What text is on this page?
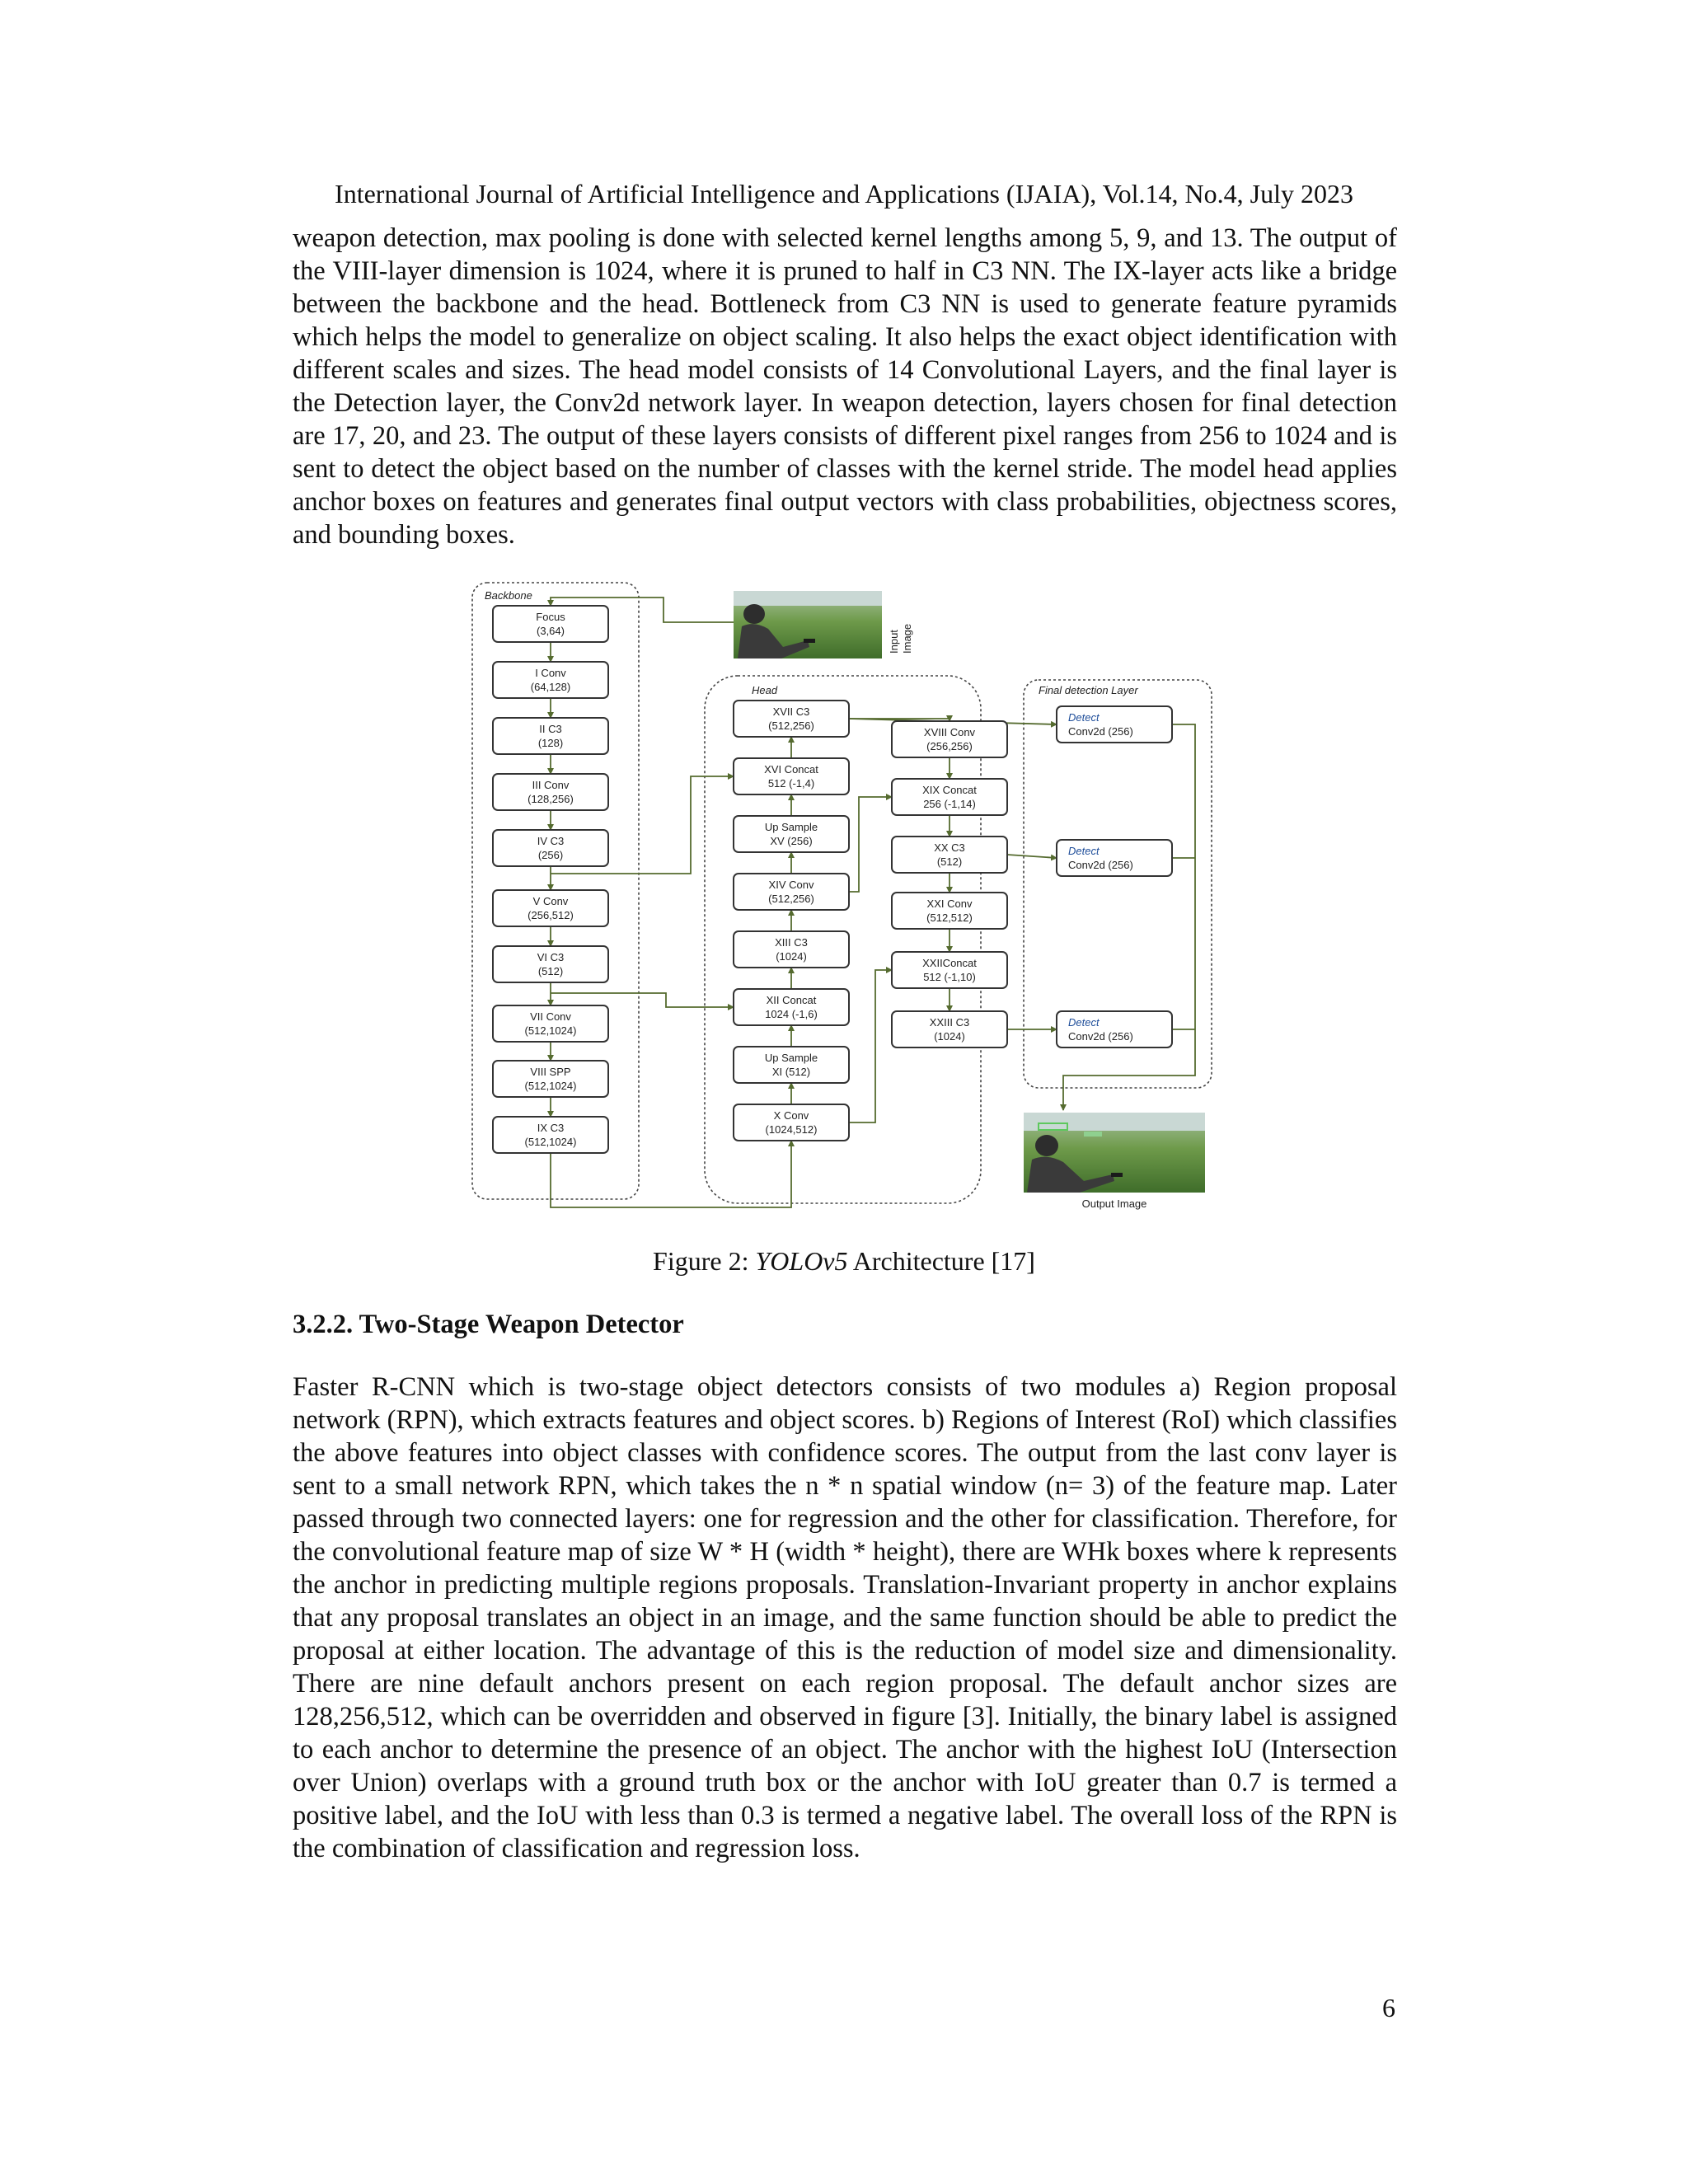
International Journal of Artificial Intelligence and Applications (IJAIA), Vol.14, No.4, July 2023

weapon detection, max pooling is done with selected kernel lengths among 5, 9, and 13. The output of the VIII-layer dimension is 1024, where it is pruned to half in C3 NN. The IX-layer acts like a bridge between the backbone and the head. Bottleneck from C3 NN is used to generate feature pyramids which helps the model to generalize on object scaling. It also helps the exact object identification with different scales and sizes. The head model consists of 14 Convolutional Layers, and the final layer is the Detection layer, the Conv2d network layer. In weapon detection, layers chosen for final detection are 17, 20, and 23. The output of these layers consists of different pixel ranges from 256 to 1024 and is sent to detect the object based on the number of classes with the kernel stride. The model head applies anchor boxes on features and generates final output vectors with class probabilities, objectness scores, and bounding boxes.

Backbone
Head	Final detection Layer
Input Image
Output Image
Focus
(3,64)
I Conv
(64,128)
II C3
(128)
III Conv
(128,256)
IV C3
(256)
V Conv
(256,512)
VI C3
(512)
VII Conv
(512,1024)
VIII SPP
(512,1024)
IX C3
(512,1024)
XVII C3
(512,256)
XVI Concat
512 (-1,4)
Up Sample
XV (256)
XIV Conv
(512,256)
XIII C3
(1024)
XII Concat
1024 (-1,6)
Up Sample
XI (512)
X Conv
(1024,512)
XVIII Conv
(256,256)
XIX Concat
256 (-1,14)
XX C3
(512)
XXI Conv
(512,512)
XXIIConcat
512 (-1,10)
XXIII C3
(1024)
Detect
Conv2d (256)
Detect
Conv2d (256)
Detect
Conv2d (256)
Figure 2: YOLOv5 Architecture [17]
3.2.2. Two-Stage Weapon Detector

Faster R-CNN which is two-stage object detectors consists of two modules a) Region proposal network (RPN), which extracts features and object scores. b) Regions of Interest (RoI) which classifies the above features into object classes with confidence scores. The output from the last conv layer is sent to a small network RPN, which takes the n * n spatial window (n= 3) of the feature map. Later passed through two connected layers: one for regression and the other for classification. Therefore, for the convolutional feature map of size W * H (width * height), there are WHk boxes where k represents the anchor in predicting multiple regions proposals. Translation-Invariant property in anchor explains that any proposal translates an object in an image, and the same function should be able to predict the proposal at either location. The advantage of this is the reduction of model size and dimensionality. There are nine default anchors present on each region proposal. The default anchor sizes are 128,256,512, which can be overridden and observed in figure [3]. Initially, the binary label is assigned to each anchor to determine the presence of an object. The anchor with the highest IoU (Intersection over Union) overlaps with a ground truth box or the anchor with IoU greater than 0.7 is termed a positive label, and the IoU with less than 0.3 is termed a negative label. The overall loss of the RPN is the combination of classification and regression loss.

6
